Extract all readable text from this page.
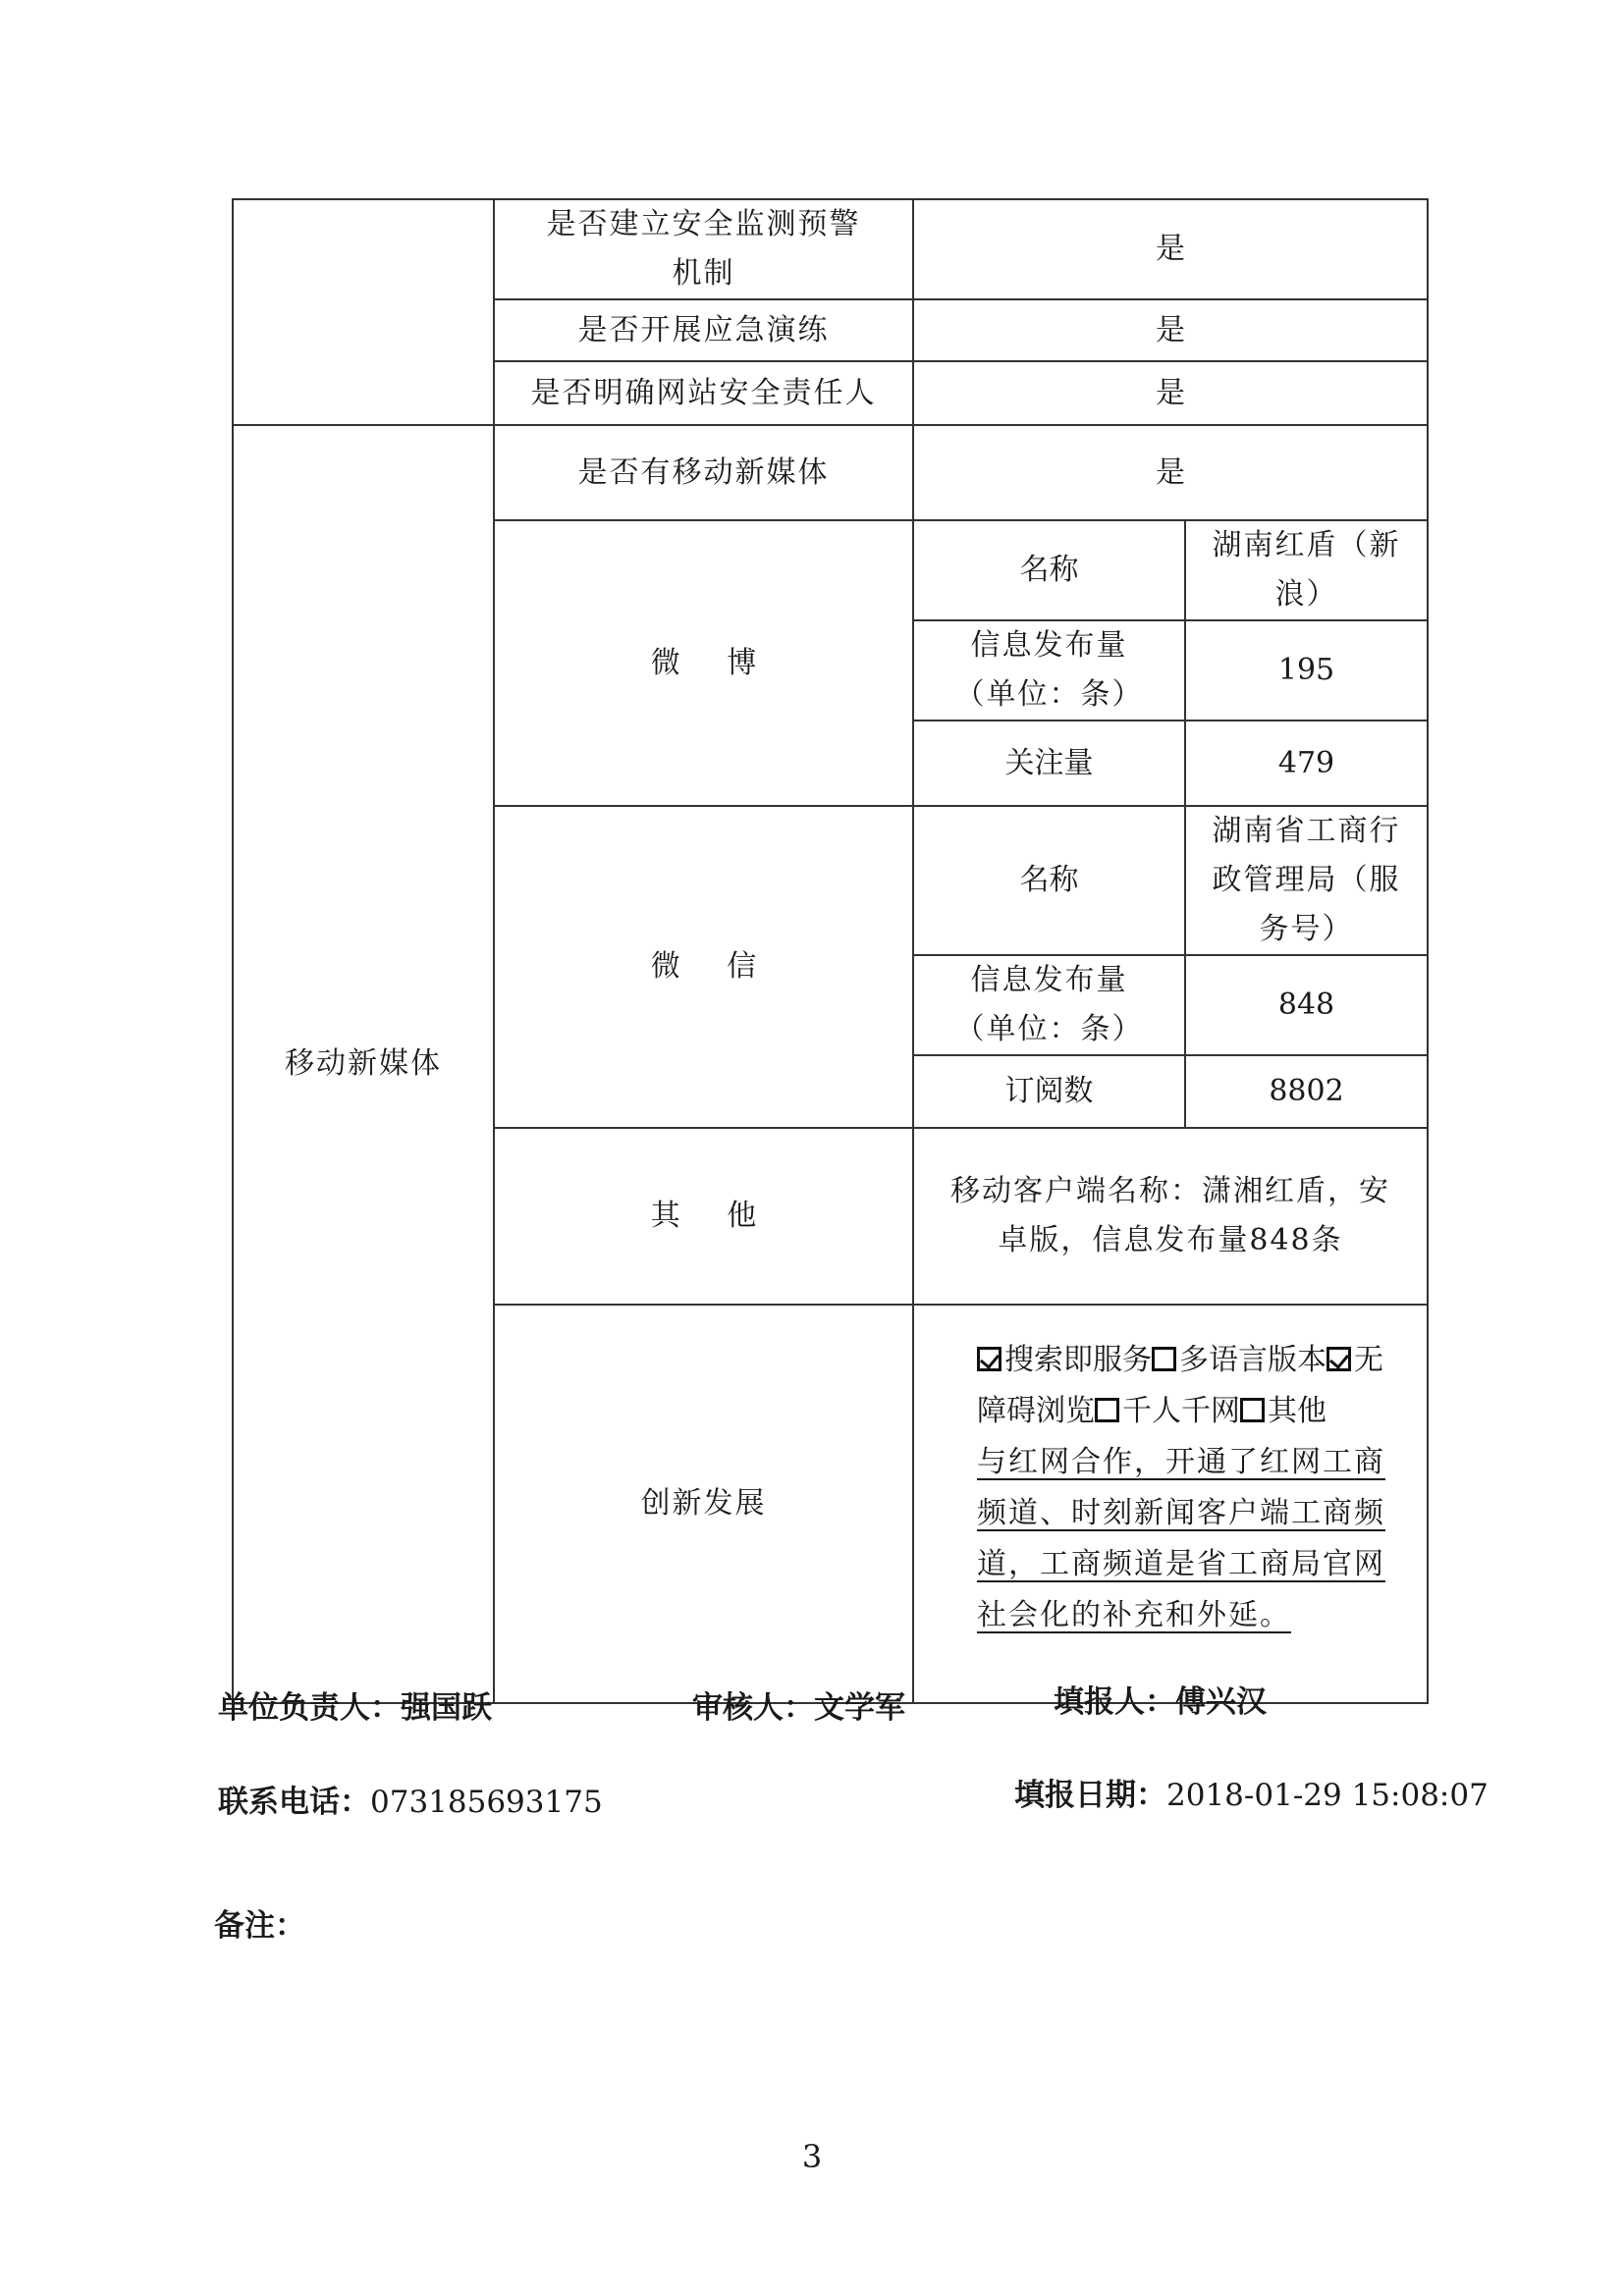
	是否建立安全监测预警机制	是	
	是否开展应急演练	是	
	是否明确网站安全责任人	是	
移动新媒体	是否有移动新媒体	是	
	微 博	名称	湖南红盾（新浪）
		信息发布量（单位：条）	195
		关注量	479
	微 信	名称	湖南省工商行政管理局（服务号）
		信息发布量（单位：条）	848
		订阅数	8802
	其 他	移动客户端名称：潇湘红盾，安卓版，信息发布量848条	
	创新发展	搜索即服务 多语言版本 无障碍浏览 千人千网 其他
与红网合作，开通了红网工商频道、时刻新闻客户端工商频道，工商频道是省工商局官网社会化的补充和外延。	
单位负责人：强国跃	审核人：文学军	填报人：傅兴汉
联系电话：073185693175	填报日期：2018-01-29 15:08:07
备注：
3
